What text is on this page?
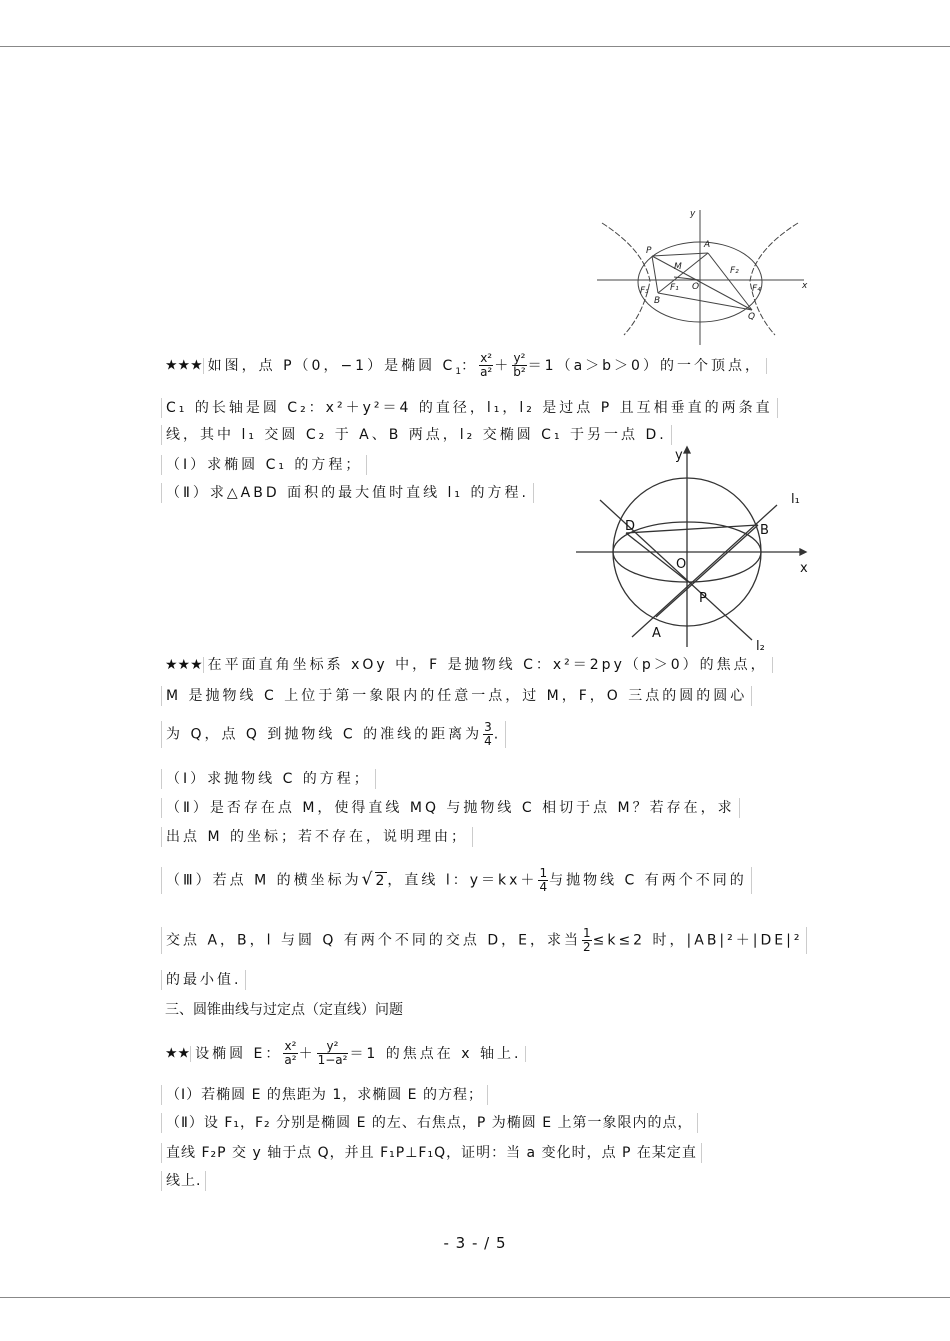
y
x
P
A
M	F₂
F₃
B
F₁ O	F₄
Q
★★★ 如图，点 P（0，−1）是椭圆 $C_1$： $\frac{\text{x²}}{\text{a²}} + \frac{\text{y²}}{\text{b²}} =1(a>b>0)$的一个顶点，
C₁ 的长轴是圆 C₂：x²＋y²＝4 的直径，l₁，l₂ 是过点 P 且互相垂直的两条直
线，其中 l₁ 交圆 C₂ 于 A、B 两点，l₂ 交椭圆 C₁ 于另一点 D.
（Ⅰ）求椭圆 C₁ 的方程；
（Ⅱ）求△ABD 面积的最大值时直线 l₁ 的方程.
y
x
l₁
l₂
D	B
O
P
A
★★★ 在平面直角坐标系 xOy 中，F 是抛物线 C：x²＝2py（p＞0）的焦点，
M 是抛物线 C 上位于第一象限内的任意一点，过 M，F，O 三点的圆的圆心
为 Q，点 Q 到抛物线 C 的准线的距离为 $\frac{3}{4}$ .
（Ⅰ）求抛物线 C 的方程；
（Ⅱ）是否存在点 M，使得直线 MQ 与抛物线 C 相切于点 M？若存在，求
出点 M 的坐标；若不存在，说明理由；
（Ⅲ）若点 M 的横坐标为√2，直线 l：$y=kx+ \frac{1}{4}$ 与抛物线 C 有两个不同的
交点 A，B，l 与圆 Q 有两个不同的交点 D，E，求当 $\frac{1}{2} \le k\le 2$ 时，|AB|²＋|DE|²
的最小值.
三、圆锥曲线与过定点（定直线）问题
★★ 设椭圆 E： $\frac{\text{x²}}{\text{a²}} + \frac{\text{y²}}{\text{1−a²}} =1$ 的焦点在 x 轴上.
（Ⅰ）若椭圆 E 的焦距为 1，求椭圆 E 的方程；
（Ⅱ）设 F₁，F₂ 分别是椭圆 E 的左、右焦点，P 为椭圆 E 上第一象限内的点，
直线 F₂P 交 y 轴于点 Q，并且 F₁P⊥F₁Q，证明：当 a 变化时，点 P 在某定直
线上.
- 3 - / 5
